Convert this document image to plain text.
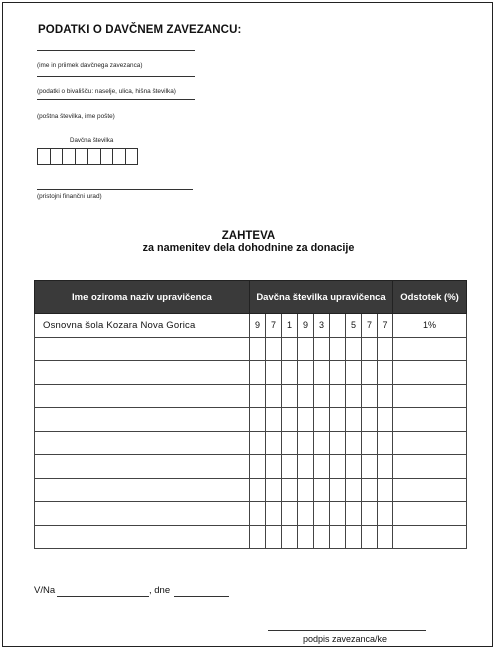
PODATKI O DAVČNEM ZAVEZANCU:
(ime in priimek davčnega zavezanca)
(podatki o bivališču: naselje, ulica, hišna številka)
(poštna številka, ime pošte)
Davčna številka
(pristojni finančni urad)
ZAHTEVA
za namenitev dela dohodnine za donacije
Ime oziroma naziv upravičenca	Davčna številka upravičenca									Odstotek (%)
Osnovna šola Kozara Nova Gorica	9	7	1	9	3		5	7	7	1%

V/Na	, dne
podpis zavezanca/ke
